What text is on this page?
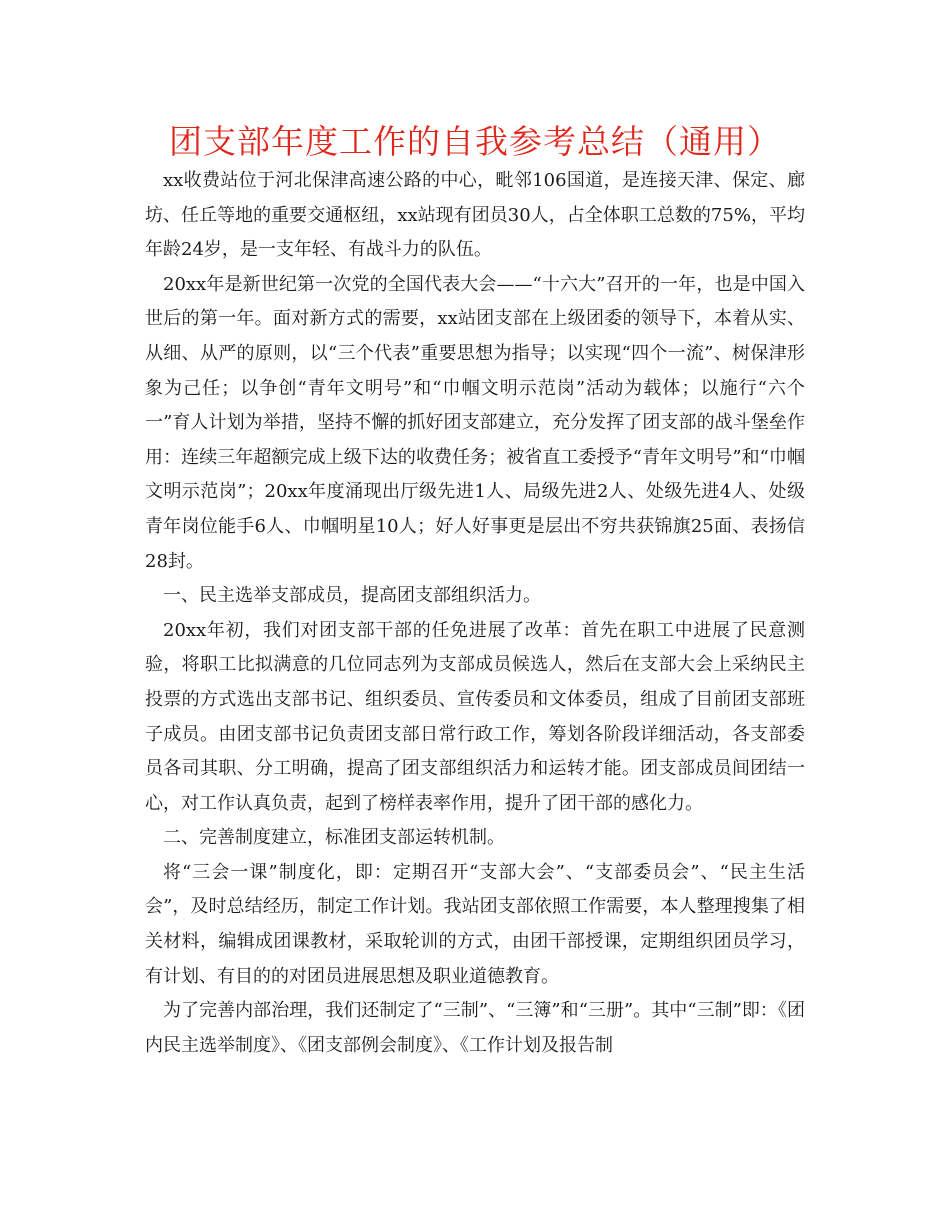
团支部年度工作的自我参考总结（通用）

xx收费站位于河北保津高速公路的中心，毗邻106国道，是连接天津、保定、廊坊、任丘等地的重要交通枢纽，xx站现有团员30人，占全体职工总数的75%，平均年龄24岁，是一支年轻、有战斗力的队伍。

20xx年是新世纪第一次党的全国代表大会——“十六大”召开的一年，也是中国入世后的第一年。面对新方式的需要，xx站团支部在上级团委的领导下，本着从实、从细、从严的原则，以“三个代表”重要思想为指导；以实现“四个一流”、树保津形象为己任；以争创“青年文明号”和“巾帼文明示范岗”活动为载体；以施行“六个一”育人计划为举措，坚持不懈的抓好团支部建立，充分发挥了团支部的战斗堡垒作用：连续三年超额完成上级下达的收费任务；被省直工委授予“青年文明号”和“巾帼文明示范岗”；20xx年度涌现出厅级先进1人、局级先进2人、处级先进4人、处级青年岗位能手6人、巾帼明星10人；好人好事更是层出不穷共获锦旗25面、表扬信28封。

一、民主选举支部成员，提高团支部组织活力。

20xx年初，我们对团支部干部的任免进展了改革：首先在职工中进展了民意测验，将职工比拟满意的几位同志列为支部成员候选人，然后在支部大会上采纳民主投票的方式选出支部书记、组织委员、宣传委员和文体委员，组成了目前团支部班子成员。由团支部书记负责团支部日常行政工作，筹划各阶段详细活动，各支部委员各司其职、分工明确，提高了团支部组织活力和运转才能。团支部成员间团结一心，对工作认真负责，起到了榜样表率作用，提升了团干部的感化力。

二、完善制度建立，标准团支部运转机制。

将“三会一课”制度化，即：定期召开“支部大会”、“支部委员会”、“民主生活会”，及时总结经历，制定工作计划。我站团支部依照工作需要，本人整理搜集了相关材料，编辑成团课教材，采取轮训的方式，由团干部授课，定期组织团员学习，有计划、有目的的对团员进展思想及职业道德教育。

为了完善内部治理，我们还制定了“三制”、“三簿”和“三册”。其中“三制”即：《团内民主选举制度》、《团支部例会制度》、《工作计划及报告制
